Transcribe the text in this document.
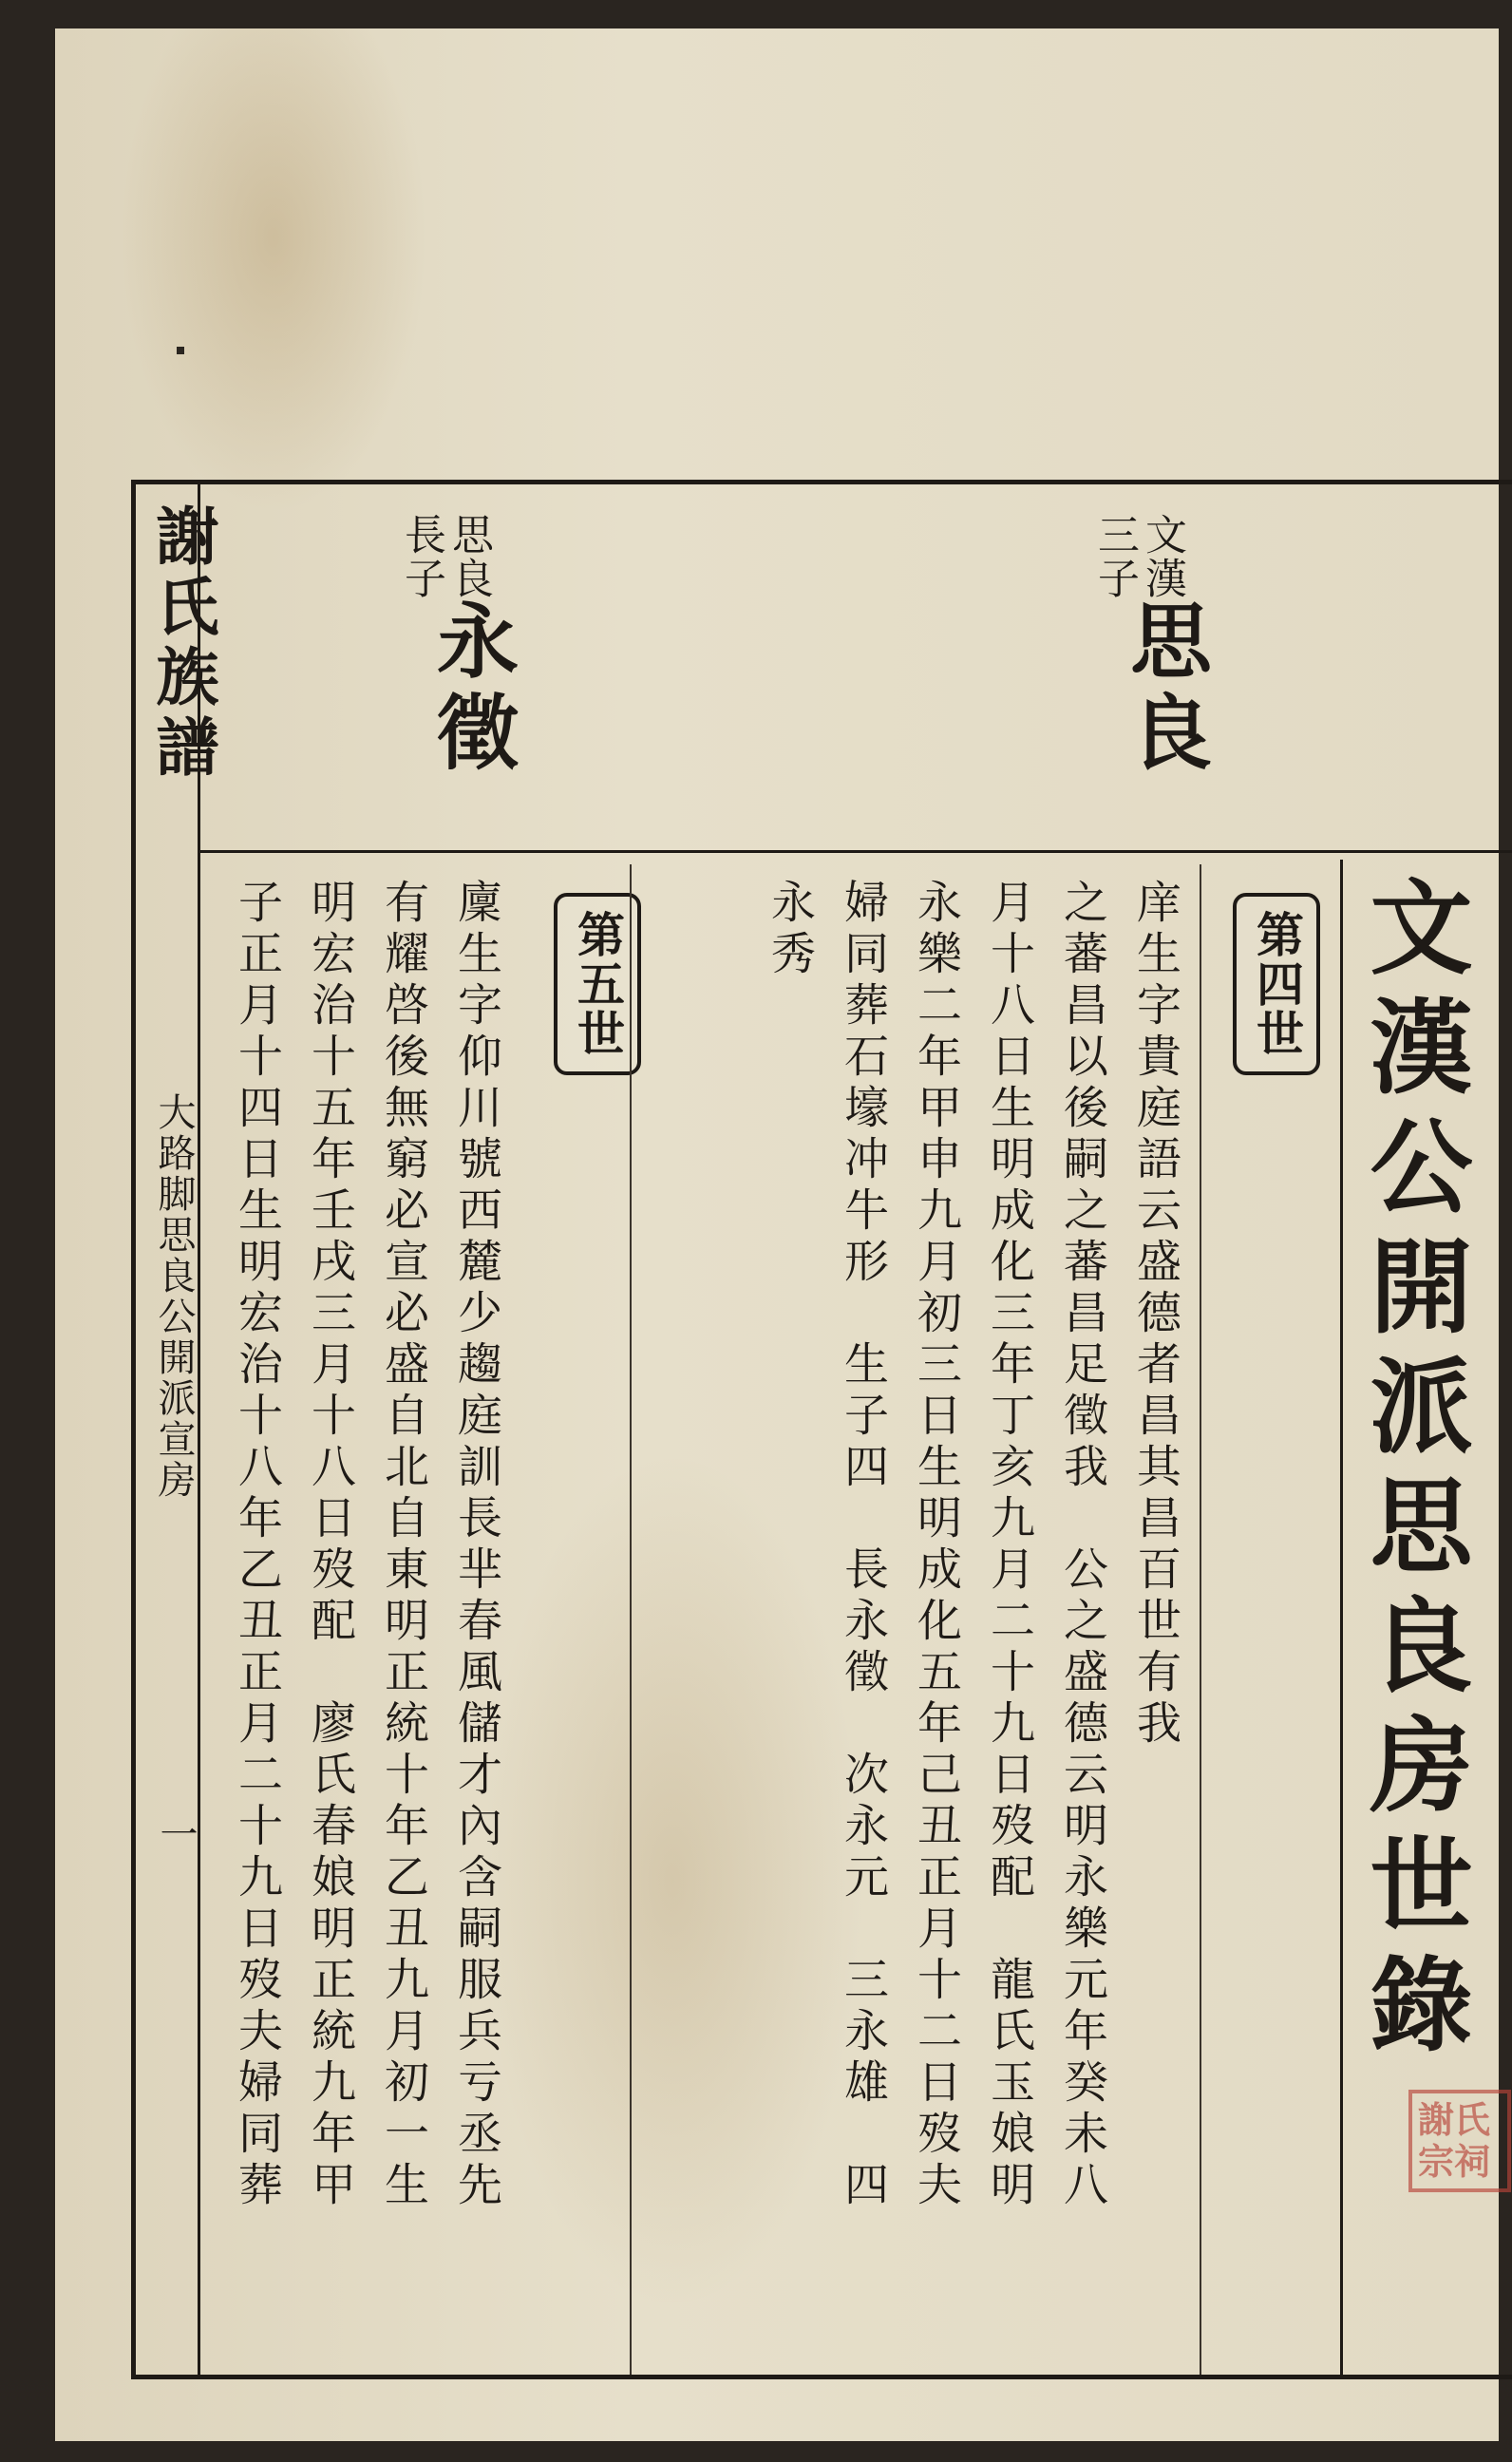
謝氏族譜
大路脚思良公開派宣房
一
文漢
三子
思良
思良
長子
永徵
文漢公開派思良房世錄
謝氏宗祠
第四世
第五世	庠生字貴庭語云盛德者昌其昌百世有我
之蕃昌以後嗣之蕃昌足徵我　公之盛德云明永樂元年癸未八
月十八日生明成化三年丁亥九月二十九日歿配　龍氏玉娘明
永樂二年甲申九月初三日生明成化五年己丑正月十二日歿夫
婦同葬石壕冲牛形　生子四　長永徵　次永元　三永雄　四
永秀
廩生字仰川號西麓少趨庭訓長芈春風儲才內含嗣服兵亏丞先
有耀啓後無窮必宣必盛自北自東明正統十年乙丑九月初一生
明宏治十五年壬戌三月十八日歿配　廖氏春娘明正統九年甲
子正月十四日生明宏治十八年乙丑正月二十九日歿夫婦同葬
